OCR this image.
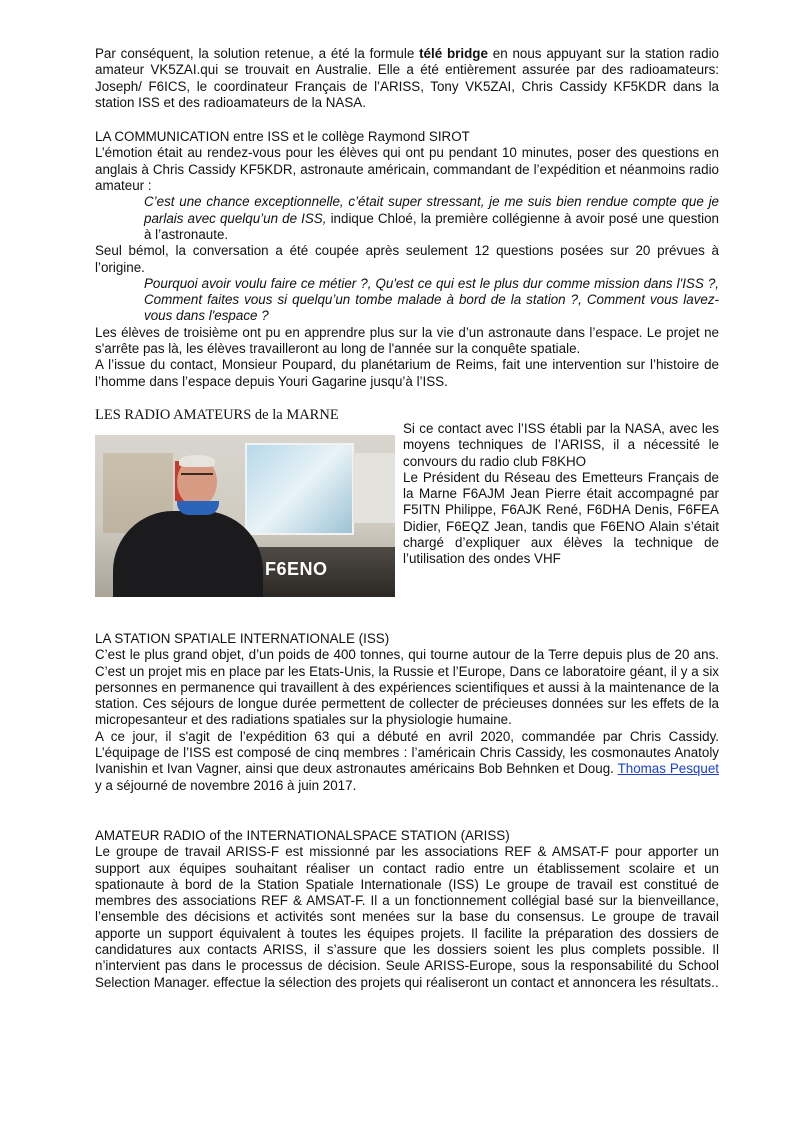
Par conséquent, la solution retenue, a été la formule télé bridge en nous appuyant sur la station radio amateur VK5ZAI.qui se trouvait en Australie. Elle a été entièrement assurée par des radioamateurs: Joseph/ F6ICS, le coordinateur Français de l’ARISS, Tony VK5ZAI, Chris Cassidy KF5KDR dans la station ISS et des radioamateurs de la NASA.

LA COMMUNICATION entre ISS et le collège Raymond SIROT

L’émotion était au rendez-vous pour les élèves qui ont pu pendant 10 minutes, poser des questions en anglais à Chris Cassidy KF5KDR, astronaute américain, commandant de l’expédition et néanmoins radio amateur :

C’est une chance exceptionnelle, c’était super stressant, je me suis bien rendue compte que je parlais avec quelqu’un de ISS, indique Chloé, la première collégienne à avoir posé une question à l’astronaute.

Seul bémol, la conversation a été coupée après seulement 12 questions posées sur 20 prévues à l’origine.

Pourquoi avoir voulu faire ce métier ?, Qu'est ce qui est le plus dur comme mission dans l'ISS ?, Comment faites vous si quelqu’un tombe malade à bord de la station ?, Comment vous lavez-vous dans l'espace ?

Les élèves de troisième ont pu en apprendre plus sur la vie d’un astronaute dans l’espace. Le projet ne s'arrête pas là, les élèves travailleront au long de l'année sur la conquête spatiale.

A l’issue du contact, Monsieur Poupard, du planétarium de Reims, fait une intervention sur l’histoire de l’homme dans l’espace depuis Youri Gagarine jusqu’à l’ISS.

LES RADIO AMATEURS de la MARNE
F6ENO

Si ce contact avec l’ISS établi par la NASA, avec les moyens techniques de l’ARISS, il a nécessité le convours du radio club F8KHO

Le Président du Réseau des Emetteurs Français de la Marne F6AJM Jean Pierre était accompagné par F5ITN Philippe, F6AJK René, F6DHA Denis, F6FEA Didier, F6EQZ Jean, tandis que F6ENO Alain s’était chargé d’expliquer aux élèves la technique de l’utilisation des ondes VHF

LA STATION SPATIALE INTERNATIONALE (ISS)

C’est le plus grand objet, d’un poids de 400 tonnes, qui tourne autour de la Terre depuis plus de 20 ans. C’est un projet mis en place par les Etats-Unis, la Russie et l’Europe, Dans ce laboratoire géant, il y a six personnes en permanence qui travaillent à des expériences scientifiques et aussi à la maintenance de la station. Ces séjours de longue durée permettent de collecter de précieuses données sur les effets de la micropesanteur et des radiations spatiales sur la physiologie humaine.

A ce jour, il s'agit de l’expédition 63 qui a débuté en avril 2020, commandée par Chris Cassidy. L’équipage de l’ISS est composé de cinq membres : l’américain Chris Cassidy, les cosmonautes Anatoly Ivanishin et Ivan Vagner, ainsi que deux astronautes américains Bob Behnken et Doug. Thomas Pesquet y a séjourné de novembre 2016 à juin 2017.

AMATEUR RADIO of the INTERNATIONALSPACE STATION (ARISS)

Le groupe de travail ARISS-F est missionné par les associations REF & AMSAT-F pour apporter un support aux équipes souhaitant réaliser un contact radio entre un établissement scolaire et un spationaute à bord de la Station Spatiale Internationale (ISS) Le groupe de travail est constitué de membres des associations REF & AMSAT-F. Il a un fonctionnement collégial basé sur la bienveillance, l’ensemble des décisions et activités sont menées sur la base du consensus. Le groupe de travail apporte un support équivalent à toutes les équipes projets. Il facilite la préparation des dossiers de candidatures aux contacts ARISS, il s’assure que les dossiers soient les plus complets possible. Il n’intervient pas dans le processus de décision. Seule ARISS-Europe, sous la responsabilité du School Selection Manager. effectue la sélection des projets qui réaliseront un contact et annoncera les résultats..
